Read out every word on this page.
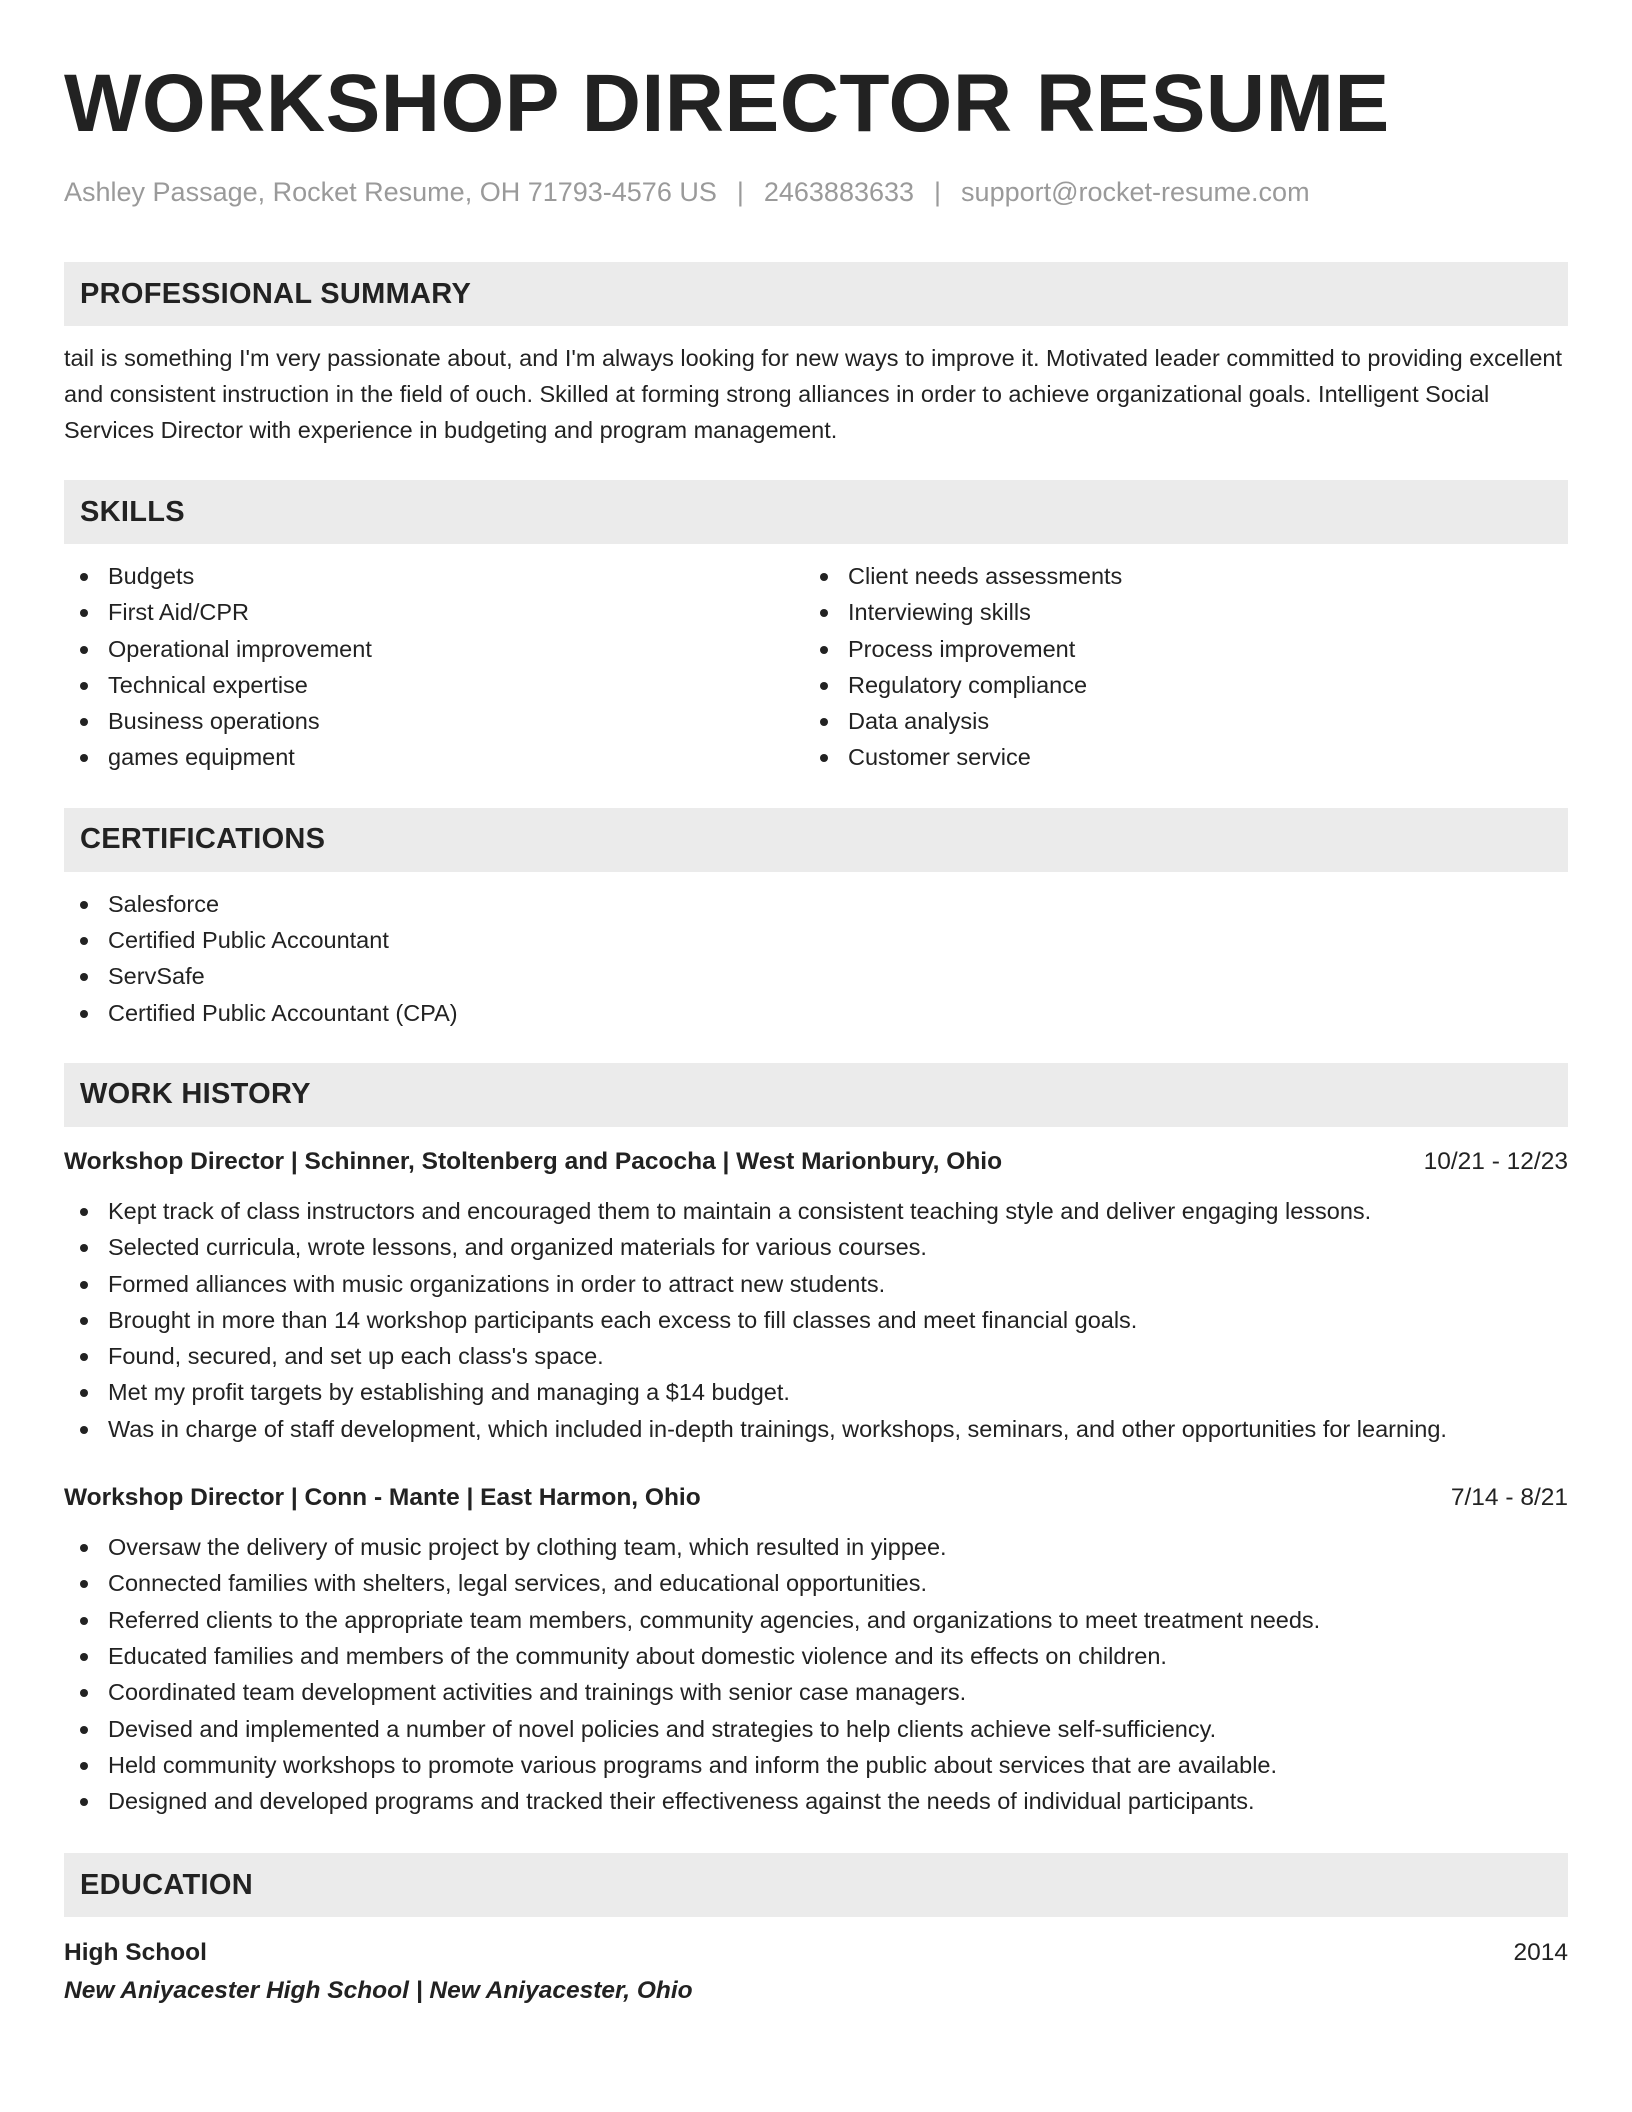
WORKSHOP DIRECTOR RESUME
Ashley Passage, Rocket Resume, OH 71793-4576 US | 2463883633 | support@rocket-resume.com
PROFESSIONAL SUMMARY

tail is something I'm very passionate about, and I'm always looking for new ways to improve it. Motivated leader committed to providing excellent and consistent instruction in the field of ouch. Skilled at forming strong alliances in order to achieve organizational goals. Intelligent Social Services Director with experience in budgeting and program management.

SKILLS
Budgets
First Aid/CPR
Operational improvement
Technical expertise
Business operations
games equipment
Client needs assessments
Interviewing skills
Process improvement
Regulatory compliance
Data analysis
Customer service
CERTIFICATIONS
Salesforce
Certified Public Accountant
ServSafe
Certified Public Accountant (CPA)
WORK HISTORY
Workshop Director | Schinner, Stoltenberg and Pacocha | West Marionbury, Ohio	10/21 - 12/23
Kept track of class instructors and encouraged them to maintain a consistent teaching style and deliver engaging lessons.
Selected curricula, wrote lessons, and organized materials for various courses.
Formed alliances with music organizations in order to attract new students.
Brought in more than 14 workshop participants each excess to fill classes and meet financial goals.
Found, secured, and set up each class's space.
Met my profit targets by establishing and managing a $14 budget.
Was in charge of staff development, which included in-depth trainings, workshops, seminars, and other opportunities for learning.
Workshop Director | Conn - Mante | East Harmon, Ohio	7/14 - 8/21
Oversaw the delivery of music project by clothing team, which resulted in yippee.
Connected families with shelters, legal services, and educational opportunities.
Referred clients to the appropriate team members, community agencies, and organizations to meet treatment needs.
Educated families and members of the community about domestic violence and its effects on children.
Coordinated team development activities and trainings with senior case managers.
Devised and implemented a number of novel policies and strategies to help clients achieve self-sufficiency.
Held community workshops to promote various programs and inform the public about services that are available.
Designed and developed programs and tracked their effectiveness against the needs of individual participants.
EDUCATION
High School	2014
New Aniyacester High School | New Aniyacester, Ohio
